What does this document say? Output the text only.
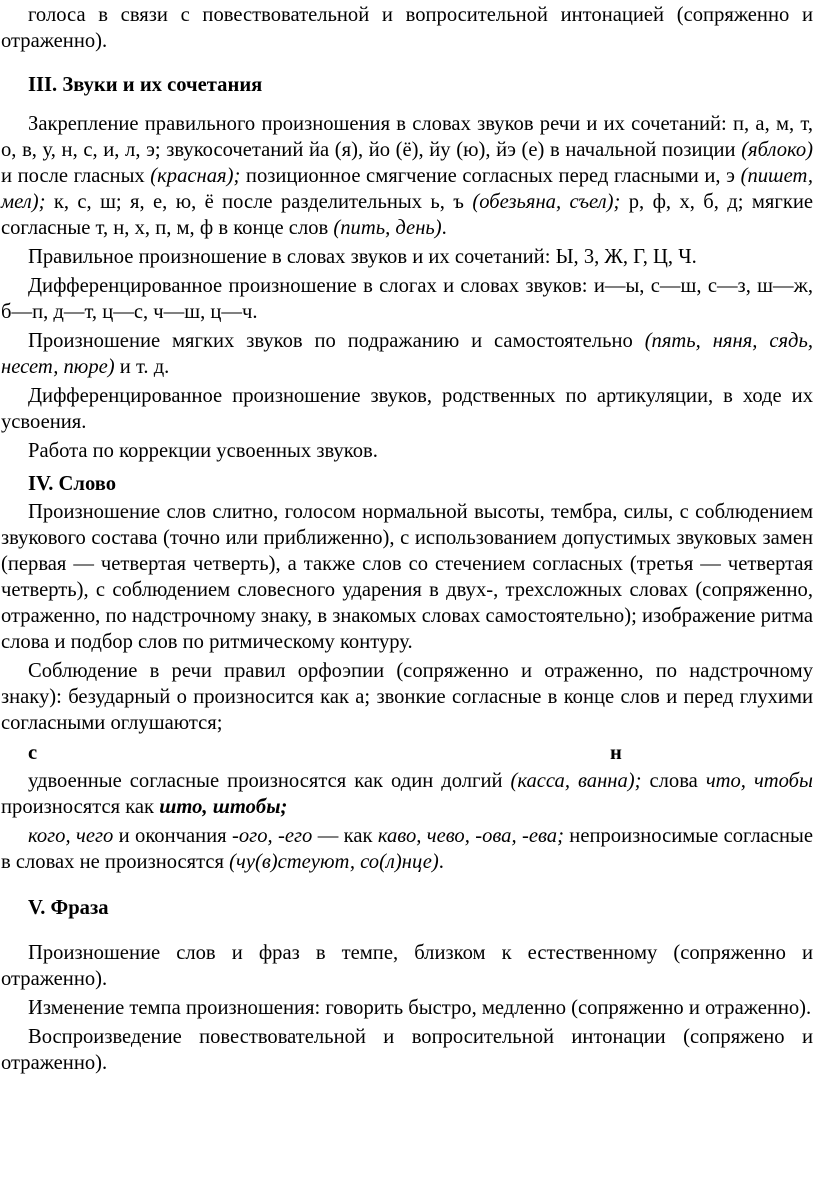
голоса в связи с повествовательной и вопросительной интонацией (сопряженно и отраженно).

III. Звуки и их сочетания

Закрепление правильного произношения в словах звуков речи и их сочетаний: п, а, м, т, о, в, у, н, с, и, л, э; звукосочетаний йа (я), йо (ё), йу (ю), йэ (е) в начальной позиции (яблоко) и после гласных (красная); позиционное смягчение согласных перед гласными и, э (пишет, мел); к, с, ш; я, е, ю, ё после разделительных ь, ъ (обезьяна, съел); р, ф, х, б, д; мягкие согласные т, н, х, п, м, ф в конце слов (пить, день).

Правильное произношение в словах звуков и их сочетаний: Ы, 3, Ж, Г, Ц, Ч.

Дифференцированное произношение в слогах и словах звуков: и—ы, с—ш, с—з, ш—ж, б—п, д—т, ц—с, ч—ш, ц—ч.

Произношение мягких звуков по подражанию и самостоятельно (пять, няня, сядь, несет, пюре) и т. д.

Дифференцированное произношение звуков, родственных по артикуляции, в ходе их усвоения.

Работа по коррекции усвоенных звуков.

IV. Слово

Произношение слов слитно, голосом нормальной высоты, тембра, силы, с соблюдением звукового состава (точно или приближенно), с использованием допустимых звуковых замен (первая — четвертая четверть), а также слов со стечением согласных (третья — четвертая четверть), с соблюдением словесного ударения в двух-, трехсложных словах (сопряженно, отраженно, по надстрочному знаку, в знакомых словах самостоятельно); изображение ритма слова и подбор слов по ритмическому контуру.

Соблюдение в речи правил орфоэпии (сопряженно и отраженно, по надстрочному знаку): безударный о произносится как а; звонкие согласные в конце слов и перед глухими согласными оглушаются;

с	н

удвоенные согласные произносятся как один долгий (касса, ванна); слова что, чтобы произносятся как што, штобы;

кого, чего и окончания -ого, -его — как каво, чево, -ова, -ева; непроизносимые согласные в словах не произносятся (чу(в)стеуют, со(л)нце).

V. Фраза

Произношение слов и фраз в темпе, близком к естественному (сопряженно и отраженно).

Изменение темпа произношения: говорить быстро, медленно (сопряженно и отраженно).

Воспроизведение повествовательной и вопросительной интонации (сопряжено и отраженно).
